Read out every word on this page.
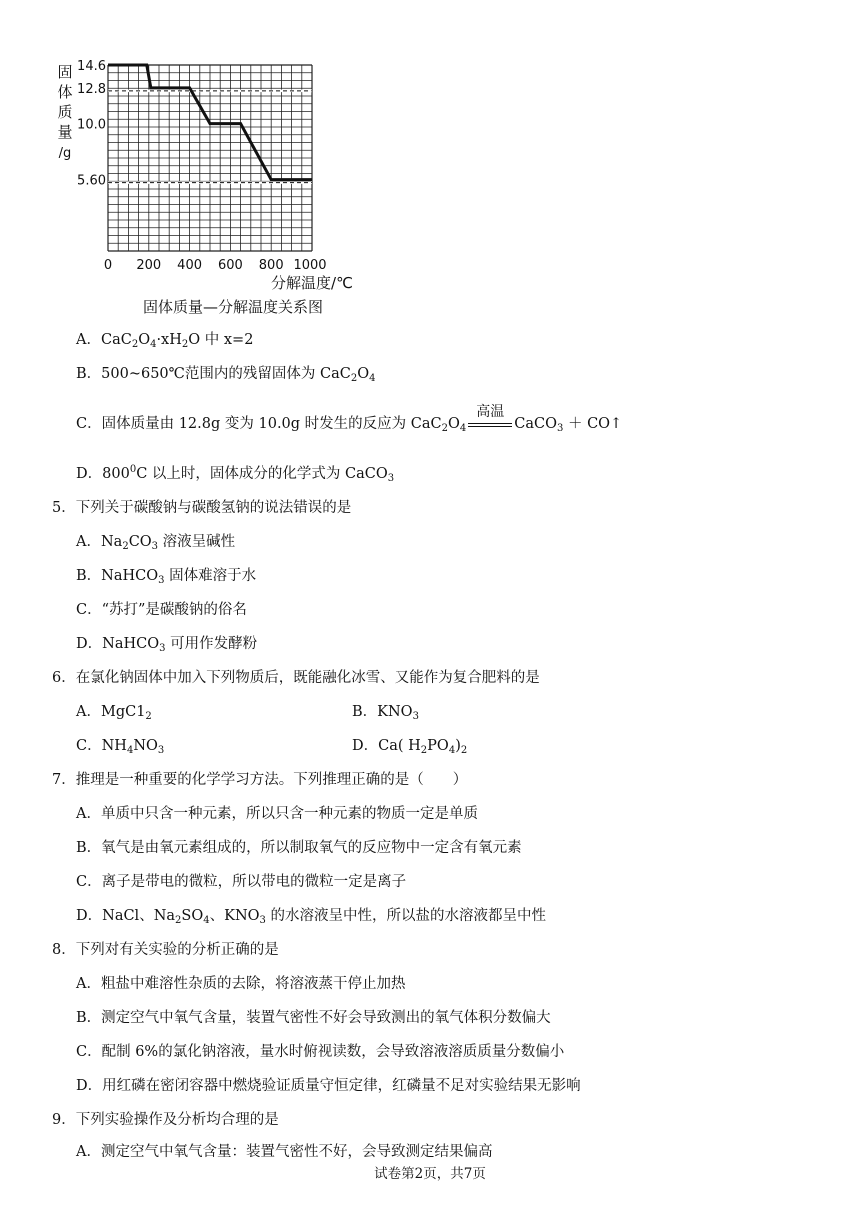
14.6
12.8
10.0
5.60
0 200 400 600 800 1000
固
体
质
量
/g
分解温度/℃
固体质量—分解温度关系图
A．$CaC_2O_4\cdot xH_2O$ 中 x=2
B．500~650℃范围内的残留固体为 $CaC_2O_4$
C．固体质量由 12.8g 变为 10.0g 时发生的反应为 $CaC_2O_4$
高温
CaCO$_3$ ＋ CO↑
D．$800^0C$ 以上时，固体成分的化学式为 CaCO$_3$
5．下列关于碳酸钠与碳酸氢钠的说法错误的是
A．$Na_2CO_3$ 溶液呈碱性
B．NaHCO$_3$ 固体难溶于水
C．“苏打”是碳酸钠的俗名
D．NaHCO$_3$ 可用作发酵粉
6．在氯化钠固体中加入下列物质后，既能融化冰雪、又能作为复合肥料的是
A．$MgC1_2$	B．$KNO_3$
C．$NH_4NO_3$	D．Ca( $H_2PO_4)_2$
7．推理是一种重要的化学学习方法。下列推理正确的是（　　）
A．单质中只含一种元素，所以只含一种元素的物质一定是单质
B．氧气是由氧元素组成的，所以制取氧气的反应物中一定含有氧元素
C．离子是带电的微粒，所以带电的微粒一定是离子
D．NaCl、$Na_2SO_4$、$KNO_3$ 的水溶液呈中性，所以盐的水溶液都呈中性
8．下列对有关实验的分析正确的是
A．粗盐中难溶性杂质的去除，将溶液蒸干停止加热
B．测定空气中氧气含量，装置气密性不好会导致测出的氧气体积分数偏大
C．配制 6%的氯化钠溶液，量水时俯视读数，会导致溶液溶质质量分数偏小
D．用红磷在密闭容器中燃烧验证质量守恒定律，红磷量不足对实验结果无影响
9．下列实验操作及分析均合理的是
A．测定空气中氧气含量：装置气密性不好，会导致测定结果偏高
试卷第2页，共7页
